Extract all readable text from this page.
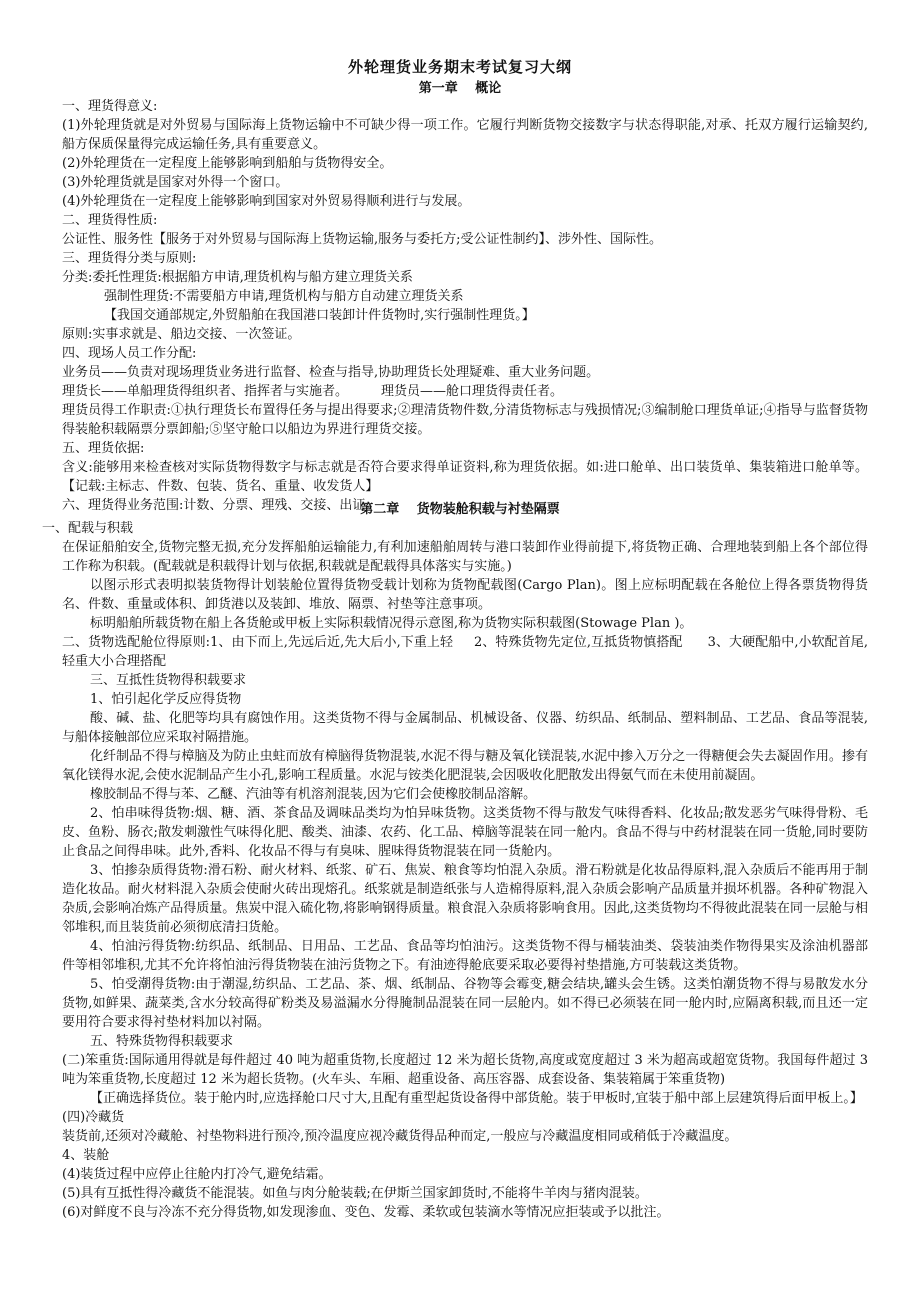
外轮理货业务期末考试复习大纲
第一章　 概论

一、理货得意义:

(1)外轮理货就是对外贸易与国际海上货物运输中不可缺少得一项工作。它履行判断货物交接数字与状态得职能,对承、托双方履行运输契约,船方保质保量得完成运输任务,具有重要意义。

(2)外轮理货在一定程度上能够影响到船舶与货物得安全。

(3)外轮理货就是国家对外得一个窗口。

(4)外轮理货在一定程度上能够影响到国家对外贸易得顺利进行与发展。

二、理货得性质:

公证性、服务性【服务于对外贸易与国际海上货物运输,服务与委托方;受公证性制约】、涉外性、国际性。

三、理货得分类与原则:

分类:委托性理货:根据船方申请,理货机构与船方建立理货关系

强制性理货:不需要船方申请,理货机构与船方自动建立理货关系

【我国交通部规定,外贸船舶在我国港口装卸计件货物时,实行强制性理货。】

原则:实事求就是、船边交接、一次签证。

四、现场人员工作分配:

业务员——负责对现场理货业务进行监督、检查与指导,协助理货长处理疑难、重大业务问题。

理货长——单船理货得组织者、指挥者与实施者。        理货员——舱口理货得责任者。

理货员得工作职责:①执行理货长布置得任务与提出得要求;②理清货物件数,分清货物标志与残损情况;③编制舱口理货单证;④指导与监督货物得装舱积载隔票分票卸船;⑤坚守舱口以船边为界进行理货交接。

五、理货依据:

含义:能够用来检查核对实际货物得数字与标志就是否符合要求得单证资料,称为理货依据。如:进口舱单、出口装货单、集装箱进口舱单等。【记载:主标志、件数、包装、货名、重量、收发货人】

六、理货得业务范围:计数、分票、理残、交接、出证。

第二章　 货物装舱积载与衬垫隔票

一、配载与积载

在保证船舶安全,货物完整无损,充分发挥船舶运输能力,有利加速船舶周转与港口装卸作业得前提下,将货物正确、合理地装到船上各个部位得工作称为积载。(配载就是积载得计划与依据,积载就是配载得具体落实与实施。)

以图示形式表明拟装货物得计划装舱位置得货物受载计划称为货物配载图(Cargo Plan)。图上应标明配载在各舱位上得各票货物得货名、件数、重量或体积、卸货港以及装卸、堆放、隔票、衬垫等注意事项。

标明船舶所载货物在船上各货舱或甲板上实际积载情况得示意图,称为货物实际积载图(Stowage Plan )。

二、货物选配舱位得原则:1、由下而上,先远后近,先大后小,下重上轻     2、特殊货物先定位,互抵货物慎搭配      3、大硬配船中,小软配首尾,轻重大小合理搭配

三、互抵性货物得积载要求

1、怕引起化学反应得货物

酸、碱、盐、化肥等均具有腐蚀作用。这类货物不得与金属制品、机械设备、仪器、纺织品、纸制品、塑料制品、工艺品、食品等混装,与船体接触部位应采取衬隔措施。

化纤制品不得与樟脑及为防止虫蛀而放有樟脑得货物混装,水泥不得与糖及氧化镁混装,水泥中掺入万分之一得糖便会失去凝固作用。掺有氧化镁得水泥,会使水泥制品产生小孔,影响工程质量。水泥与铵类化肥混装,会因吸收化肥散发出得氨气而在未使用前凝固。

橡胶制品不得与苯、乙醚、汽油等有机溶剂混装,因为它们会使橡胶制品溶解。

2、怕串味得货物:烟、糖、酒、茶食品及调味品类均为怕异味货物。这类货物不得与散发气味得香料、化妆品;散发恶劣气味得骨粉、毛皮、鱼粉、肠衣;散发刺激性气味得化肥、酸类、油漆、农药、化工品、樟脑等混装在同一舱内。食品不得与中药材混装在同一货舱,同时要防止食品之间得串味。此外,香料、化妆品不得与有臭味、腥味得货物混装在同一货舱内。

3、怕掺杂质得货物:滑石粉、耐火材料、纸浆、矿石、焦炭、粮食等均怕混入杂质。滑石粉就是化妆品得原料,混入杂质后不能再用于制造化妆品。耐火材料混入杂质会使耐火砖出现熔孔。纸浆就是制造纸张与人造棉得原料,混入杂质会影响产品质量并损坏机器。各种矿物混入杂质,会影响冶炼产品得质量。焦炭中混入硫化物,将影响钢得质量。粮食混入杂质将影响食用。因此,这类货物均不得彼此混装在同一层舱与相邻堆积,而且装货前必须彻底清扫货舱。

4、怕油污得货物:纺织品、纸制品、日用品、工艺品、食品等均怕油污。这类货物不得与桶装油类、袋装油类作物得果实及涂油机器部件等相邻堆积,尤其不允许将怕油污得货物装在油污货物之下。有油迹得舱底要采取必要得衬垫措施,方可装载这类货物。

5、怕受潮得货物:由于潮湿,纺织品、工艺品、茶、烟、纸制品、谷物等会霉变,糖会结块,罐头会生锈。这类怕潮货物不得与易散发水分货物,如鲜果、蔬菜类,含水分较高得矿粉类及易溢漏水分得腌制品混装在同一层舱内。如不得已必须装在同一舱内时,应隔离积载,而且还一定要用符合要求得衬垫材料加以衬隔。

五、特殊货物得积载要求

(二)笨重货:国际通用得就是每件超过 40 吨为超重货物,长度超过 12 米为超长货物,高度或宽度超过 3 米为超高或超宽货物。我国每件超过 3 吨为笨重货物,长度超过 12 米为超长货物。(火车头、车厢、超重设备、高压容器、成套设备、集装箱属于笨重货物)

【正确选择货位。装于舱内时,应选择舱口尺寸大,且配有重型起货设备得中部货舱。装于甲板时,宜装于船中部上层建筑得后面甲板上。】

(四)冷藏货

装货前,还须对冷藏舱、衬垫物料进行预冷,预冷温度应视冷藏货得品种而定,一般应与冷藏温度相同或稍低于冷藏温度。

4、装舱

(4)装货过程中应停止往舱内打冷气,避免结霜。

(5)具有互抵性得冷藏货不能混装。如鱼与肉分舱装载;在伊斯兰国家卸货时,不能将牛羊肉与猪肉混装。

(6)对鲜度不良与冷冻不充分得货物,如发现渗血、变色、发霉、柔软或包装滴水等情况应拒装或予以批注。
